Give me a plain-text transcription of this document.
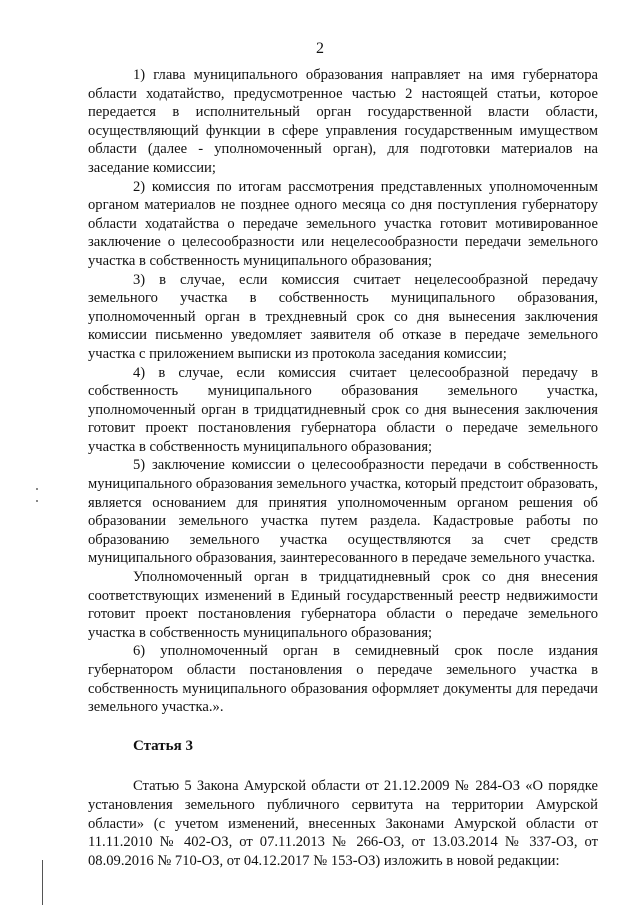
2

1) глава муниципального образования направляет на имя губернатора области ходатайство, предусмотренное частью 2 настоящей статьи, которое передается в исполнительный орган государственной власти области, осуществляющий функции в сфере управления государственным имуществом области (далее - уполномоченный орган), для подготовки материалов на заседание комиссии;

2) комиссия по итогам рассмотрения представленных уполномоченным органом материалов не позднее одного месяца со дня поступления губернатору области ходатайства о передаче земельного участка готовит мотивированное заключение о целесообразности или нецелесообразности передачи земельного участка в собственность муниципального образования;

3) в случае, если комиссия считает нецелесообразной передачу земельного участка в собственность муниципального образования, уполномоченный орган в трехдневный срок со дня вынесения заключения комиссии письменно уведомляет заявителя об отказе в передаче земельного участка с приложением выписки из протокола заседания комиссии;

4) в случае, если комиссия считает целесообразной передачу в собственность муниципального образования земельного участка, уполномоченный орган в тридцатидневный срок со дня вынесения заключения готовит проект постановления губернатора области о передаче земельного участка в собственность муниципального образования;

5) заключение комиссии о целесообразности передачи в собственность муниципального образования земельного участка, который предстоит образовать, является основанием для принятия уполномоченным органом решения об образовании земельного участка путем раздела. Кадастровые работы по образованию земельного участка осуществляются за счет средств муниципального образования, заинтересованного в передаче земельного участка.

Уполномоченный орган в тридцатидневный срок со дня внесения соответствующих изменений в Единый государственный реестр недвижимости готовит проект постановления губернатора области о передаче земельного участка в собственность муниципального образования;

6) уполномоченный орган в семидневный срок после издания губернатором области постановления о передаче земельного участка в собственность муниципального образования оформляет документы для передачи земельного участка.».

Статья 3

Статью 5 Закона Амурской области от 21.12.2009 № 284-ОЗ «О порядке установления земельного публичного сервитута на территории Амурской области» (с учетом изменений, внесенных Законами Амурской области от 11.11.2010 № 402-ОЗ, от 07.11.2013 № 266-ОЗ, от 13.03.2014 № 337-ОЗ, от 08.09.2016 № 710-ОЗ, от 04.12.2017 № 153-ОЗ) изложить в новой редакции:
